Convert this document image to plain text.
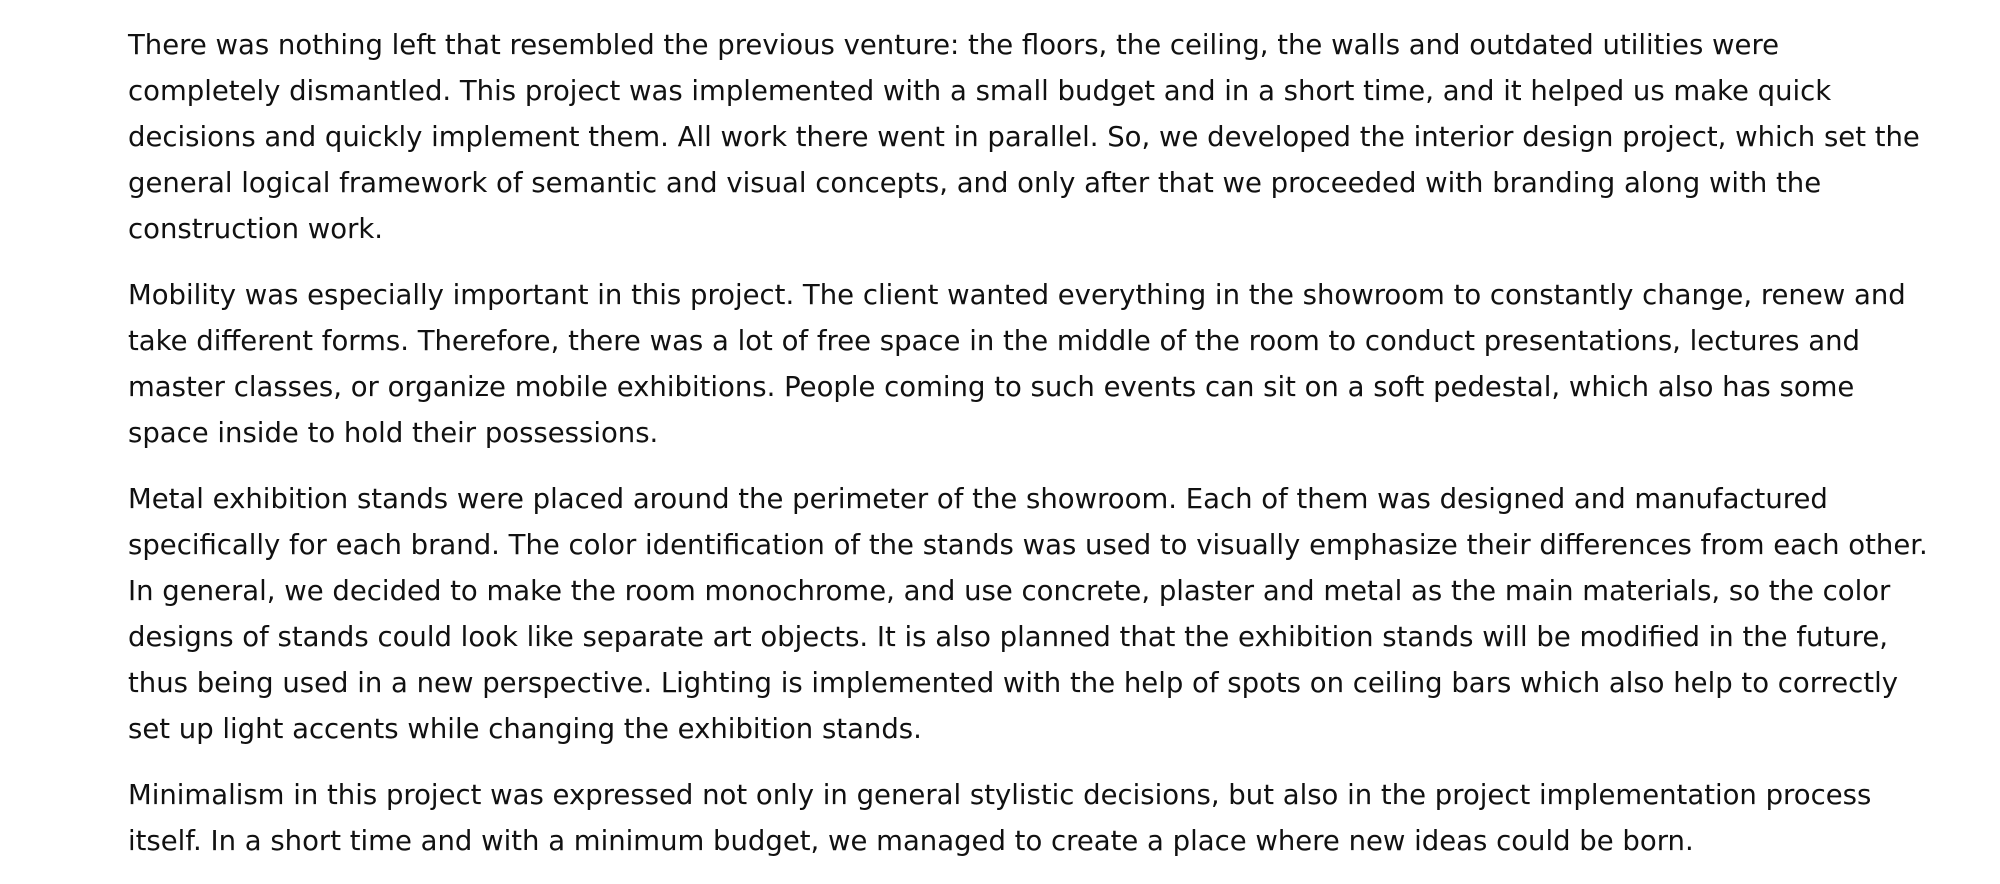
There was nothing left that resembled the previous venture: the floors, the ceiling, the walls and outdated utilities were completely dismantled. This project was implemented with a small budget and in a short time, and it helped us make quick decisions and quickly implement them. All work there went in parallel. So, we developed the interior design project, which set the general logical framework of semantic and visual concepts, and only after that we proceeded with branding along with the construction work.

Mobility was especially important in this project. The client wanted everything in the showroom to constantly change, renew and take different forms. Therefore, there was a lot of free space in the middle of the room to conduct presentations, lectures and master classes, or organize mobile exhibitions. People coming to such events can sit on a soft pedestal, which also has some space inside to hold their possessions.

Metal exhibition stands were placed around the perimeter of the showroom. Each of them was designed and manufactured specifically for each brand. The color identification of the stands was used to visually emphasize their differences from each other. In general, we decided to make the room monochrome, and use concrete, plaster and metal as the main materials, so the color designs of stands could look like separate art objects. It is also planned that the exhibition stands will be modified in the future, thus being used in a new perspective. Lighting is implemented with the help of spots on ceiling bars which also help to correctly set up light accents while changing the exhibition stands.

Minimalism in this project was expressed not only in general stylistic decisions, but also in the project implementation process itself. In a short time and with a minimum budget, we managed to create a place where new ideas could be born.
